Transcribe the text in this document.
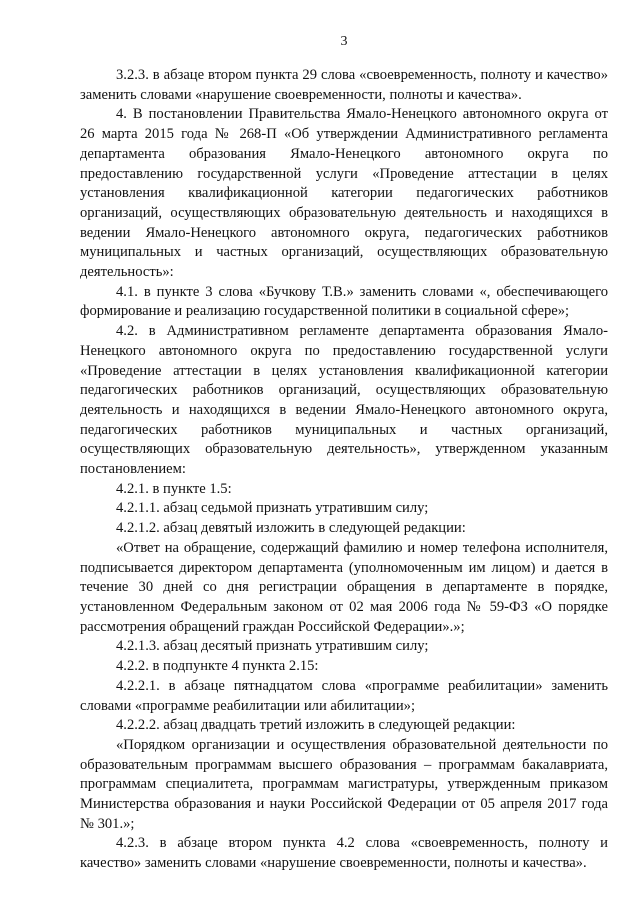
3

3.2.3. в абзаце втором пункта 29 слова «своевременность, полноту и качество» заменить словами «нарушение своевременности, полноты и качества».

4. В постановлении Правительства Ямало-Ненецкого автономного округа от 26 марта 2015 года № 268-П «Об утверждении Административного регламента департамента образования Ямало-Ненецкого автономного округа по предоставлению государственной услуги «Проведение аттестации в целях установления квалификационной категории педагогических работников организаций, осуществляющих образовательную деятельность и находящихся в ведении Ямало-Ненецкого автономного округа, педагогических работников муниципальных и частных организаций, осуществляющих образовательную деятельность»:

4.1. в пункте 3 слова «Бучкову Т.В.» заменить словами «, обеспечивающего формирование и реализацию государственной политики в социальной сфере»;

4.2. в Административном регламенте департамента образования Ямало-Ненецкого автономного округа по предоставлению государственной услуги «Проведение аттестации в целях установления квалификационной категории педагогических работников организаций, осуществляющих образовательную деятельность и находящихся в ведении Ямало-Ненецкого автономного округа, педагогических работников муниципальных и частных организаций, осуществляющих образовательную деятельность», утвержденном указанным постановлением:

4.2.1. в пункте 1.5:

4.2.1.1. абзац седьмой признать утратившим силу;

4.2.1.2. абзац девятый изложить в следующей редакции:

«Ответ на обращение, содержащий фамилию и номер телефона исполнителя, подписывается директором департамента (уполномоченным им лицом) и дается в течение 30 дней со дня регистрации обращения в департаменте в порядке, установленном Федеральным законом от 02 мая 2006 года № 59-ФЗ «О порядке рассмотрения обращений граждан Российской Федерации».»;

4.2.1.3. абзац десятый признать утратившим силу;

4.2.2. в подпункте 4 пункта 2.15:

4.2.2.1. в абзаце пятнадцатом слова «программе реабилитации» заменить словами «программе реабилитации или абилитации»;

4.2.2.2. абзац двадцать третий изложить в следующей редакции:

«Порядком организации и осуществления образовательной деятельности по образовательным программам высшего образования – программам бакалавриата, программам специалитета, программам магистратуры, утвержденным приказом Министерства образования и науки Российской Федерации от 05 апреля 2017 года № 301.»;

4.2.3. в абзаце втором пункта 4.2 слова «своевременность, полноту и качество» заменить словами «нарушение своевременности, полноты и качества».
